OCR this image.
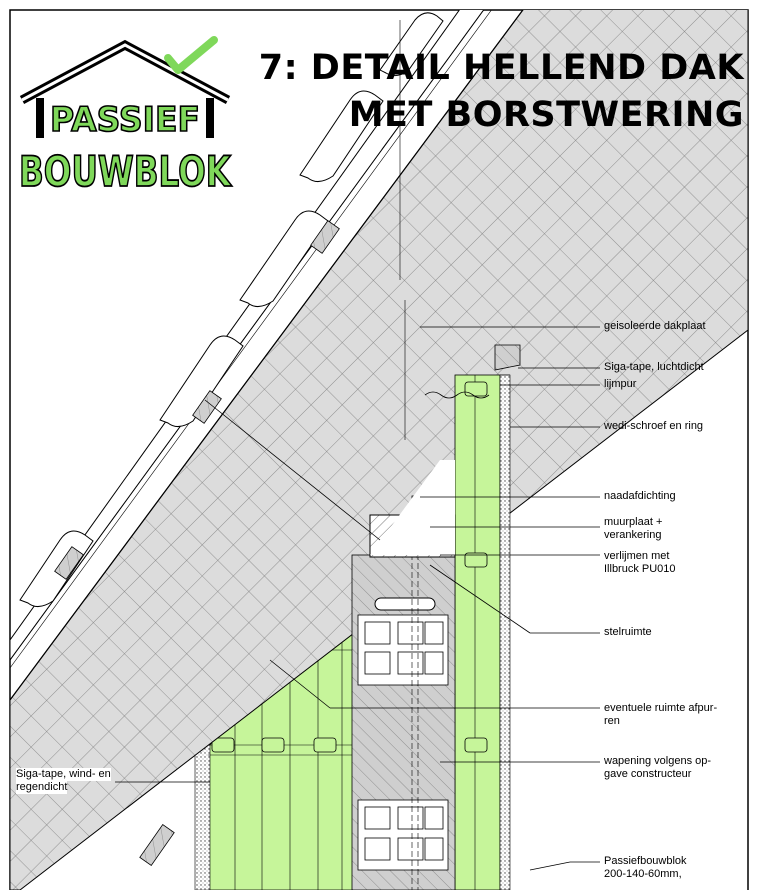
PASSIEF
BOUWBLOK
7: DETAIL HELLEND DAK
MET BORSTWERING
geisoleerde dakplaat
Siga-tape, luchtdicht
lijmpur
wedi-schroef en ring
naadafdichting
muurplaat +
verankering
verlijmen met
Illbruck PU010
stelruimte
eventuele ruimte afpur-
ren
wapening volgens op-
gave constructeur
Siga-tape, wind- en
regendicht
Passiefbouwblok
200-140-60mm,
